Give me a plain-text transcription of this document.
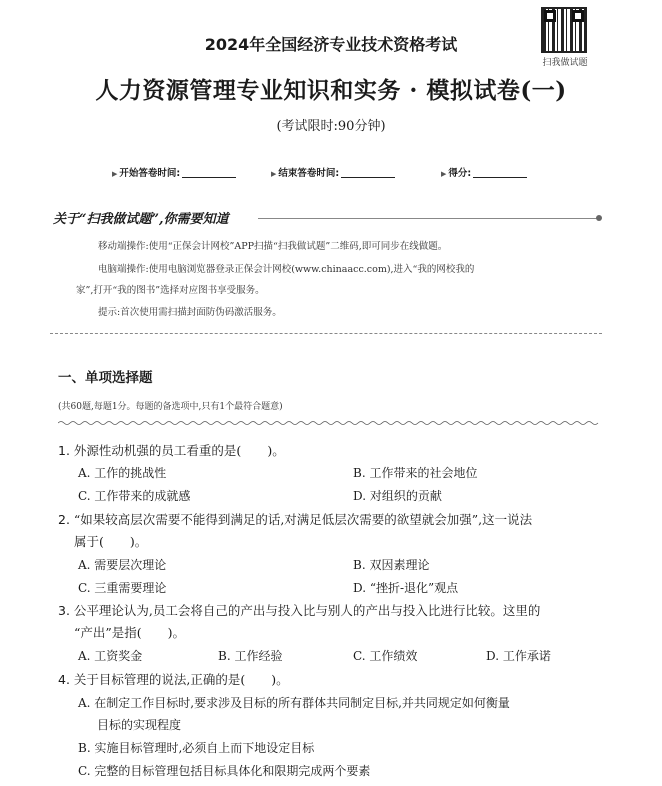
扫我做试题
2024年全国经济专业技术资格考试
人力资源管理专业知识和实务 · 模拟试卷(一)
(考试限时:90分钟)
▶ 开始答卷时间:	▶ 结束答卷时间:	▶ 得分:
关于“扫我做试题”,你需要知道
移动端操作:使用“正保会计网校”APP扫描“扫我做试题”二维码,即可同步在线做题。
电脑端操作:使用电脑浏览器登录正保会计网校(www.chinaacc.com),进入“我的网校我的
家”,打开“我的图书”选择对应图书享受服务。
提示:首次使用需扫描封面防伪码激活服务。
一、单项选择题
(共60题,每题1分。每题的备选项中,只有1个最符合题意)
1. 外源性动机强的员工看重的是( )。
A. 工作的挑战性	B. 工作带来的社会地位
C. 工作带来的成就感	D. 对组织的贡献
2. “如果较高层次需要不能得到满足的话,对满足低层次需要的欲望就会加强”,这一说法
属于( )。
A. 需要层次理论	B. 双因素理论
C. 三重需要理论	D. “挫折-退化”观点
3. 公平理论认为,员工会将自己的产出与投入比与别人的产出与投入比进行比较。这里的
“产出”是指( )。
A. 工资奖金	B. 工作经验	C. 工作绩效	D. 工作承诺
4. 关于目标管理的说法,正确的是( )。
A. 在制定工作目标时,要求涉及目标的所有群体共同制定目标,并共同规定如何衡量
目标的实现程度
B. 实施目标管理时,必须自上而下地设定目标
C. 完整的目标管理包括目标具体化和限期完成两个要素
